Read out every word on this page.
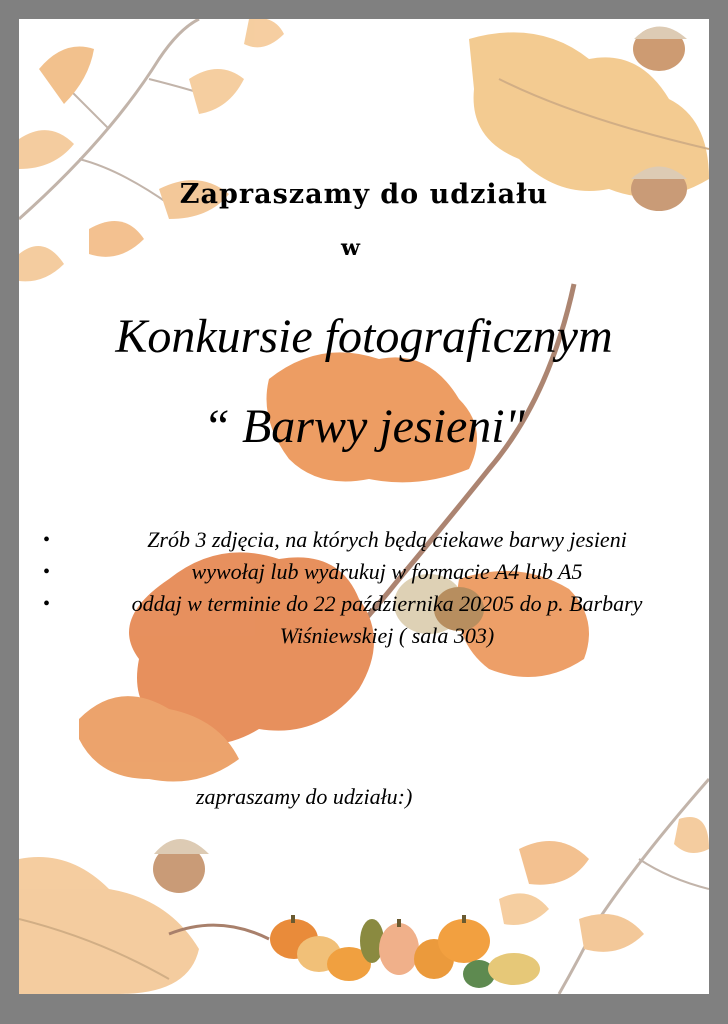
Zapraszamy do udziału
w
Konkursie fotograficznym
“ Barwy jesieni"
•	Zrób 3 zdjęcia, na których będą ciekawe barwy jesieni
•	wywołaj lub wydrukuj w formacie A4 lub A5
•	oddaj w terminie do 22 października 20205 do p. Barbary Wiśniewskiej ( sala 303)
zapraszamy do udziału:)
